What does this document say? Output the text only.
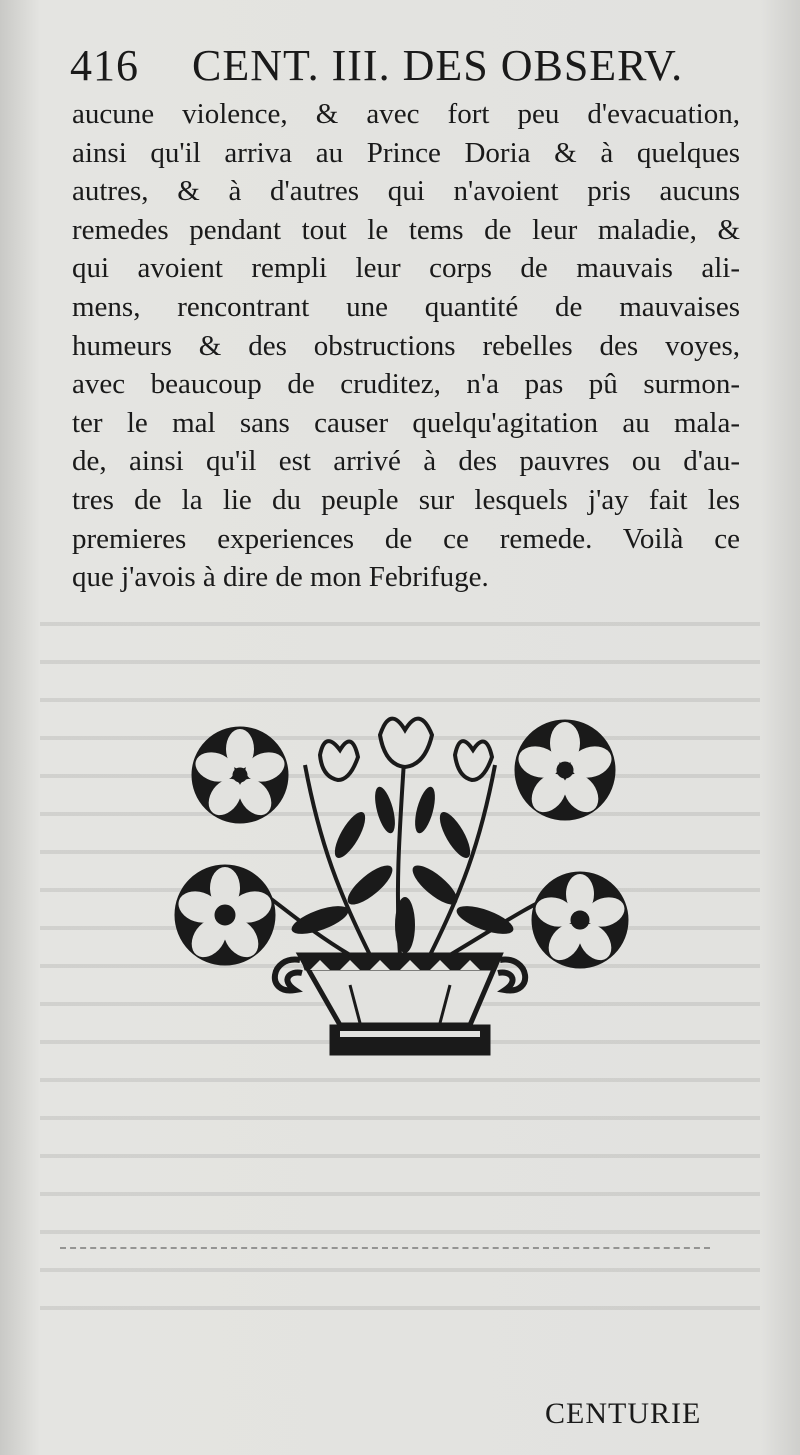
416 CENT. III. DES OBSERV.
aucune violence, & avec fort peu d'evacuation,
ainsi qu'il arriva au Prince Doria & à quelques
autres, & à d'autres qui n'avoient pris aucuns
remedes pendant tout le tems de leur maladie, &
qui avoient rempli leur corps de mauvais ali-
mens, rencontrant une quantité de mauvaises
humeurs & des obstructions rebelles des voyes,
avec beaucoup de cruditez, n'a pas pû surmon-
ter le mal sans causer quelqu'agitation au mala-
de, ainsi qu'il est arrivé à des pauvres ou d'au-
tres de la lie du peuple sur lesquels j'ay fait les
premieres experiences de ce remede. Voilà ce
que j'avois à dire de mon Febrifuge.
CENTURIE
